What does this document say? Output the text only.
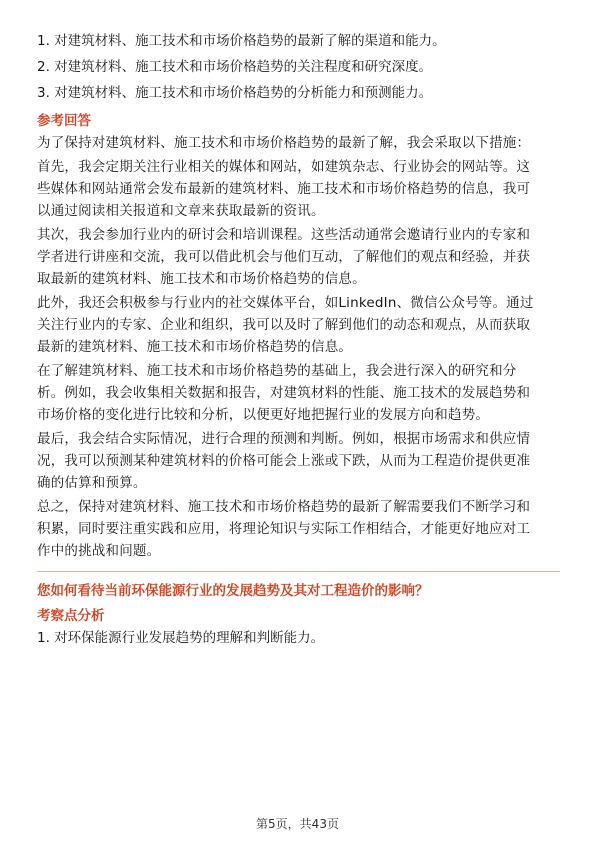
1. 对建筑材料、施工技术和市场价格趋势的最新了解的渠道和能力。
2. 对建筑材料、施工技术和市场价格趋势的关注程度和研究深度。
3. 对建筑材料、施工技术和市场价格趋势的分析能力和预测能力。
参考回答
为了保持对建筑材料、施工技术和市场价格趋势的最新了解，我会采取以下措施：
首先，我会定期关注行业相关的媒体和网站，如建筑杂志、行业协会的网站等。这
些媒体和网站通常会发布最新的建筑材料、施工技术和市场价格趋势的信息，我可
以通过阅读相关报道和文章来获取最新的资讯。
其次，我会参加行业内的研讨会和培训课程。这些活动通常会邀请行业内的专家和
学者进行讲座和交流，我可以借此机会与他们互动，了解他们的观点和经验，并获
取最新的建筑材料、施工技术和市场价格趋势的信息。
此外，我还会积极参与行业内的社交媒体平台，如LinkedIn、微信公众号等。通过
关注行业内的专家、企业和组织，我可以及时了解到他们的动态和观点，从而获取
最新的建筑材料、施工技术和市场价格趋势的信息。
在了解建筑材料、施工技术和市场价格趋势的基础上，我会进行深入的研究和分
析。例如，我会收集相关数据和报告，对建筑材料的性能、施工技术的发展趋势和
市场价格的变化进行比较和分析，以便更好地把握行业的发展方向和趋势。
最后，我会结合实际情况，进行合理的预测和判断。例如，根据市场需求和供应情
况，我可以预测某种建筑材料的价格可能会上涨或下跌，从而为工程造价提供更准
确的估算和预算。
总之，保持对建筑材料、施工技术和市场价格趋势的最新了解需要我们不断学习和
积累，同时要注重实践和应用，将理论知识与实际工作相结合，才能更好地应对工
作中的挑战和问题。
您如何看待当前环保能源行业的发展趋势及其对工程造价的影响？
考察点分析
1. 对环保能源行业发展趋势的理解和判断能力。
第5页，共43页
